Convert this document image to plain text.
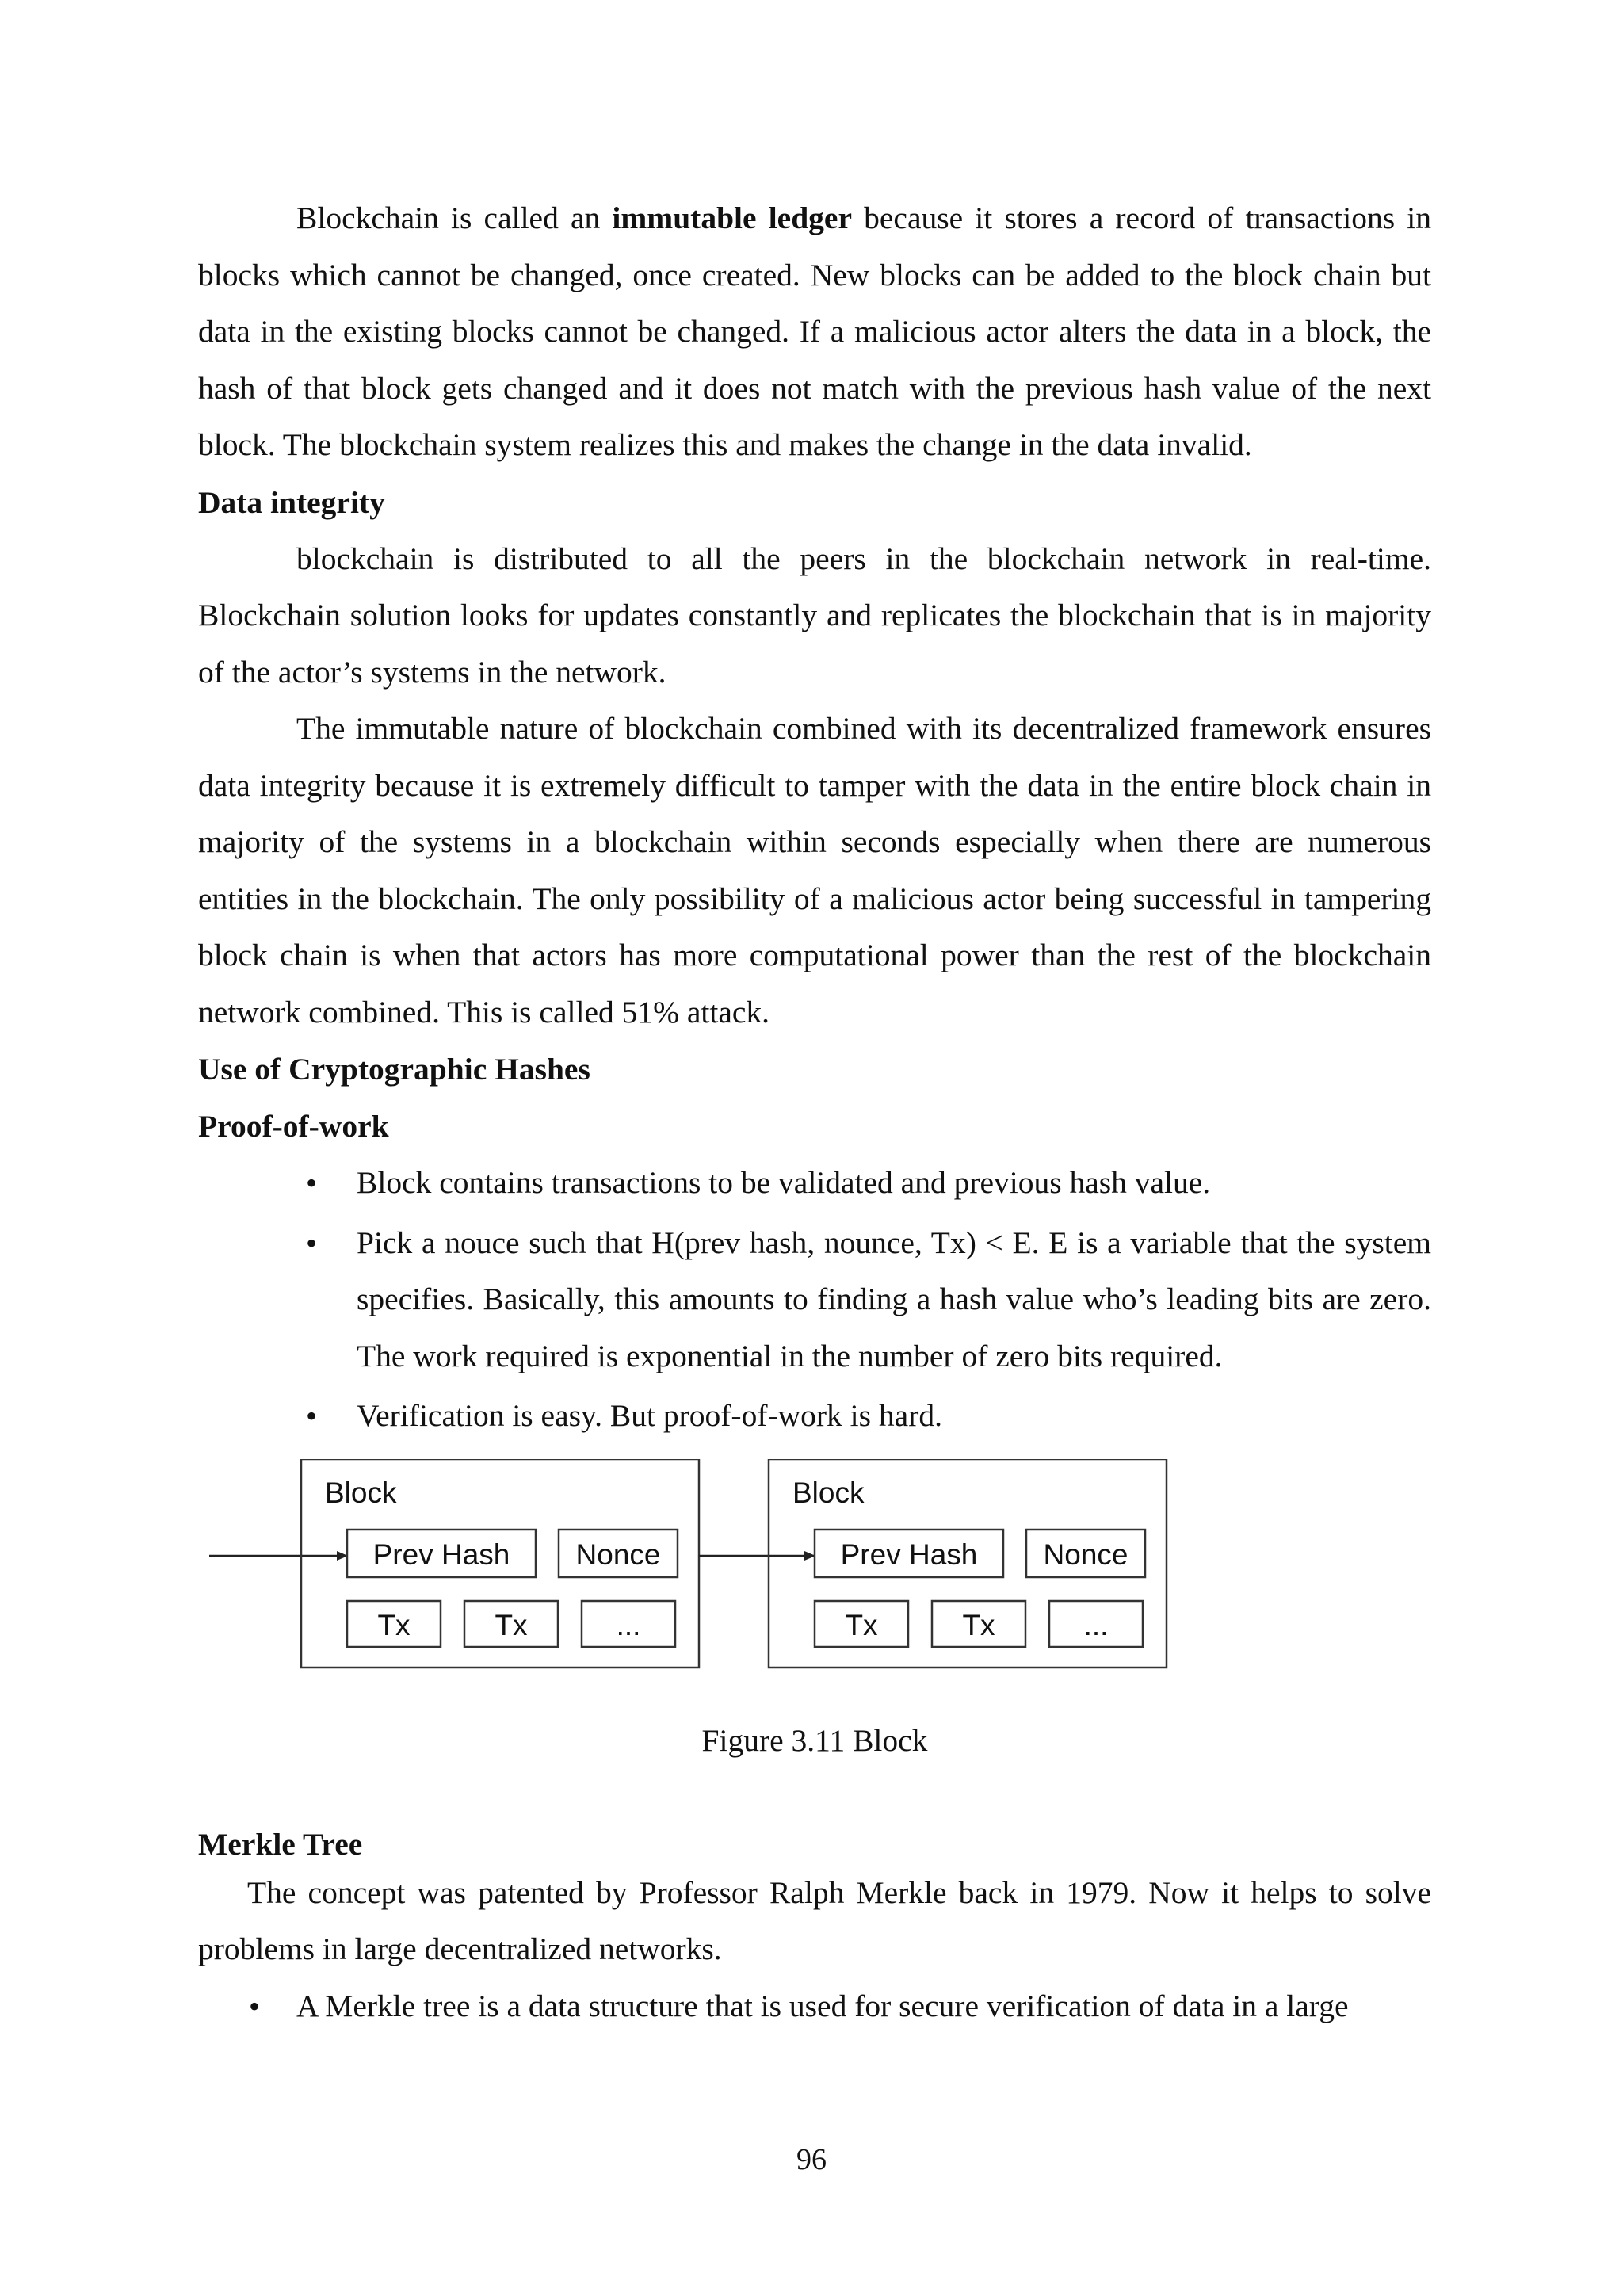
Blockchain is called an immutable ledger because it stores a record of transactions in blocks which cannot be changed, once created. New blocks can be added to the block chain but data in the existing blocks cannot be changed. If a malicious actor alters the data in a block, the hash of that block gets changed and it does not match with the previous hash value of the next block. The blockchain system realizes this and makes the change in the data invalid.

Data integrity

blockchain is distributed to all the peers in the blockchain network in real-time. Blockchain solution looks for updates constantly and replicates the blockchain that is in majority of the actor’s systems in the network.

The immutable nature of blockchain combined with its decentralized framework ensures data integrity because it is extremely difficult to tamper with the data in the entire block chain in majority of the systems in a blockchain within seconds especially when there are numerous entities in the blockchain. The only possibility of a malicious actor being successful in tampering block chain is when that actors has more computational power than the rest of the blockchain network combined. This is called 51% attack.

Use of Cryptographic Hashes
Proof-of-work
• Block contains transactions to be validated and previous hash value.
• Pick a nouce such that H(prev hash, nounce, Tx) < E. E is a variable that the system specifies. Basically, this amounts to finding a hash value who’s leading bits are zero. The work required is exponential in the number of zero bits required.
• Verification is easy. But proof-of-work is hard.
Block
Prev Hash Nonce
Tx	Tx	...
Block
Prev Hash Nonce
Tx	Tx	...
Figure 3.11 Block
Merkle Tree

The concept was patented by Professor Ralph Merkle back in 1979. Now it helps to solve problems in large decentralized networks.

• A Merkle tree is a data structure that is used for secure verification of data in a large
96
